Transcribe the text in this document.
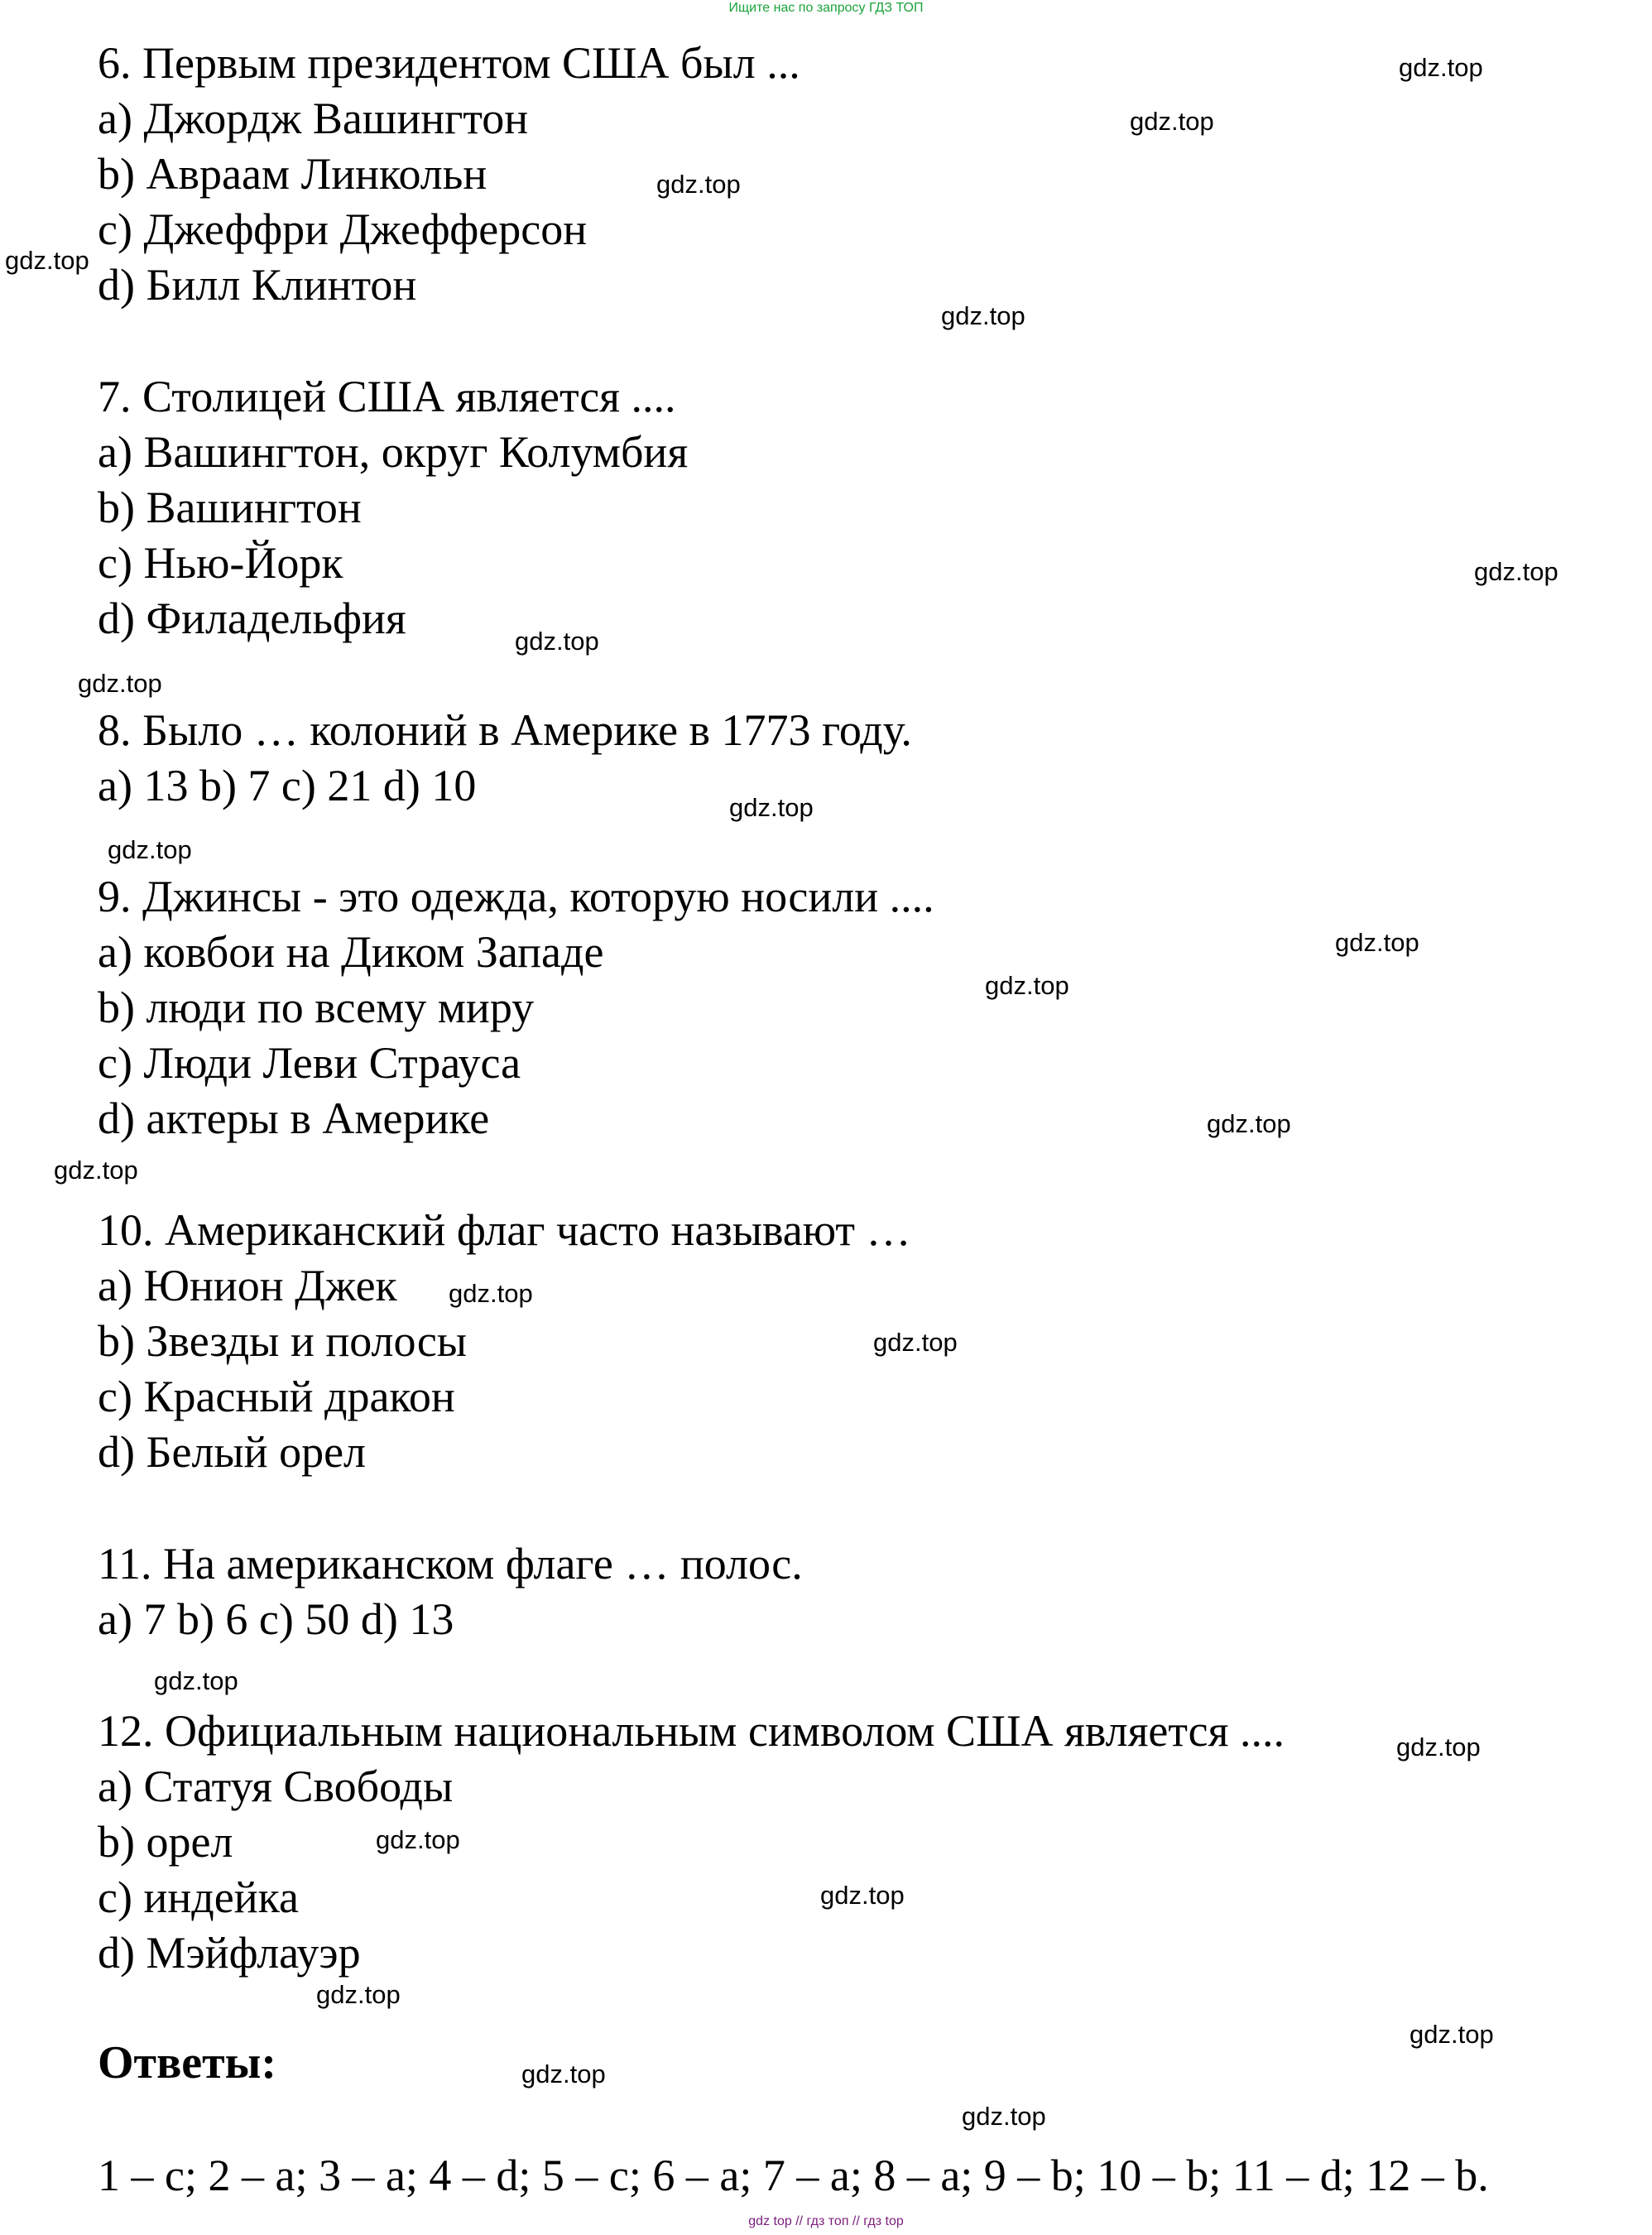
Ищите нас по запросу ГДЗ ТОП
6. Первым президентом США был ...
a) Джордж Вашингтон
b) Авраам Линкольн
c) Джеффри Джефферсон
d) Билл Клинтон
7. Столицей США является ....
a) Вашингтон, округ Колумбия
b) Вашингтон
c) Нью-Йорк
d) Филадельфия
8. Было … колоний в Америке в 1773 году.
a) 13 b) 7 c) 21 d) 10
9. Джинсы - это одежда, которую носили ....
a) ковбои на Диком Западе
b) люди по всему миру
c) Люди Леви Страуса
d) актеры в Америке
10. Американский флаг часто называют …
a) Юнион Джек
b) Звезды и полосы
c) Красный дракон
d) Белый орел
11. На американском флаге … полос.
a) 7 b) 6 c) 50 d) 13
12. Официальным национальным символом США является ....
a) Статуя Свободы
b) орел
c) индейка
d) Мэйфлауэр
Ответы:
1 – c; 2 – a; 3 – a; 4 – d; 5 – c; 6 – a; 7 – a; 8 – a; 9 – b; 10 – b; 11 – d; 12 – b.
gdz.top
gdz.top
gdz.top
gdz.top
gdz.top
gdz.top
gdz.top
gdz.top
gdz.top
gdz.top
gdz.top
gdz.top
gdz.top
gdz.top
gdz.top
gdz.top
gdz.top
gdz.top
gdz.top
gdz.top
gdz.top
gdz.top
gdz.top
gdz.top
gdz top // гдз топ // гдз top
